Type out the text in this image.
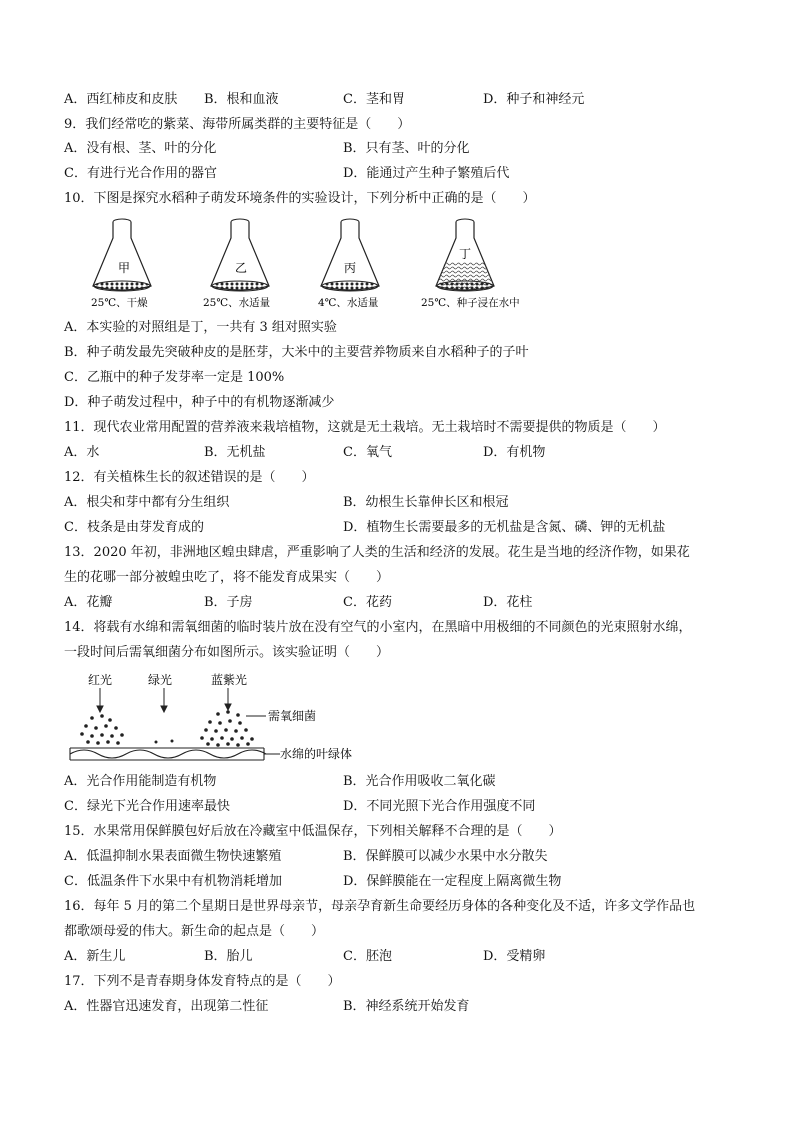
A．西红柿皮和皮肤 B．根和血液	C．茎和胃	D．种子和神经元
9．我们经常吃的紫菜、海带所属类群的主要特征是（　　）
A．没有根、茎、叶的分化	B．只有茎、叶的分化
C．有进行光合作用的器官	D．能通过产生种子繁殖后代
10．下图是探究水稻种子萌发环境条件的实验设计，下列分析中正确的是（　　）
甲
25℃、干燥
乙
25℃、水适量
丙
4℃、水适量
丁
25℃、种子浸在水中
A．本实验的对照组是丁，一共有 3 组对照实验
B．种子萌发最先突破种皮的是胚芽，大米中的主要营养物质来自水稻种子的子叶
C．乙瓶中的种子发芽率一定是 100%
D．种子萌发过程中，种子中的有机物逐渐减少
11．现代农业常用配置的营养液来栽培植物，这就是无土栽培。无土栽培时不需要提供的物质是（　　）
A．水	B．无机盐	C．氧气	D．有机物
12．有关植株生长的叙述错误的是（　　）
A．根尖和芽中都有分生组织	B．幼根生长靠伸长区和根冠
C．枝条是由芽发育成的	D．植物生长需要最多的无机盐是含氮、磷、钾的无机盐
13．2020 年初，非洲地区蝗虫肆虐，严重影响了人类的生活和经济的发展。花生是当地的经济作物，如果花
生的花哪一部分被蝗虫吃了，将不能发育成果实（　　）
A．花瓣	B．子房	C．花药	D．花柱
14．将载有水绵和需氧细菌的临时装片放在没有空气的小室内，在黑暗中用极细的不同颜色的光束照射水绵，
一段时间后需氧细菌分布如图所示。该实验证明（　　）
红光	绿光	蓝紫光
需氧细菌
水绵的叶绿体
A．光合作用能制造有机物	B．光合作用吸收二氧化碳
C．绿光下光合作用速率最快	D．不同光照下光合作用强度不同
15．水果常用保鲜膜包好后放在冷藏室中低温保存，下列相关解释不合理的是（　　）
A．低温抑制水果表面微生物快速繁殖	B．保鲜膜可以减少水果中水分散失
C．低温条件下水果中有机物消耗增加	D．保鲜膜能在一定程度上隔离微生物
16．每年 5 月的第二个星期日是世界母亲节，母亲孕育新生命要经历身体的各种变化及不适，许多文学作品也
都歌颂母爱的伟大。新生命的起点是（　　）
A．新生儿	B．胎儿	C．胚泡	D．受精卵
17．下列不是青春期身体发育特点的是（　　）
A．性器官迅速发育，出现第二性征	B．神经系统开始发育
